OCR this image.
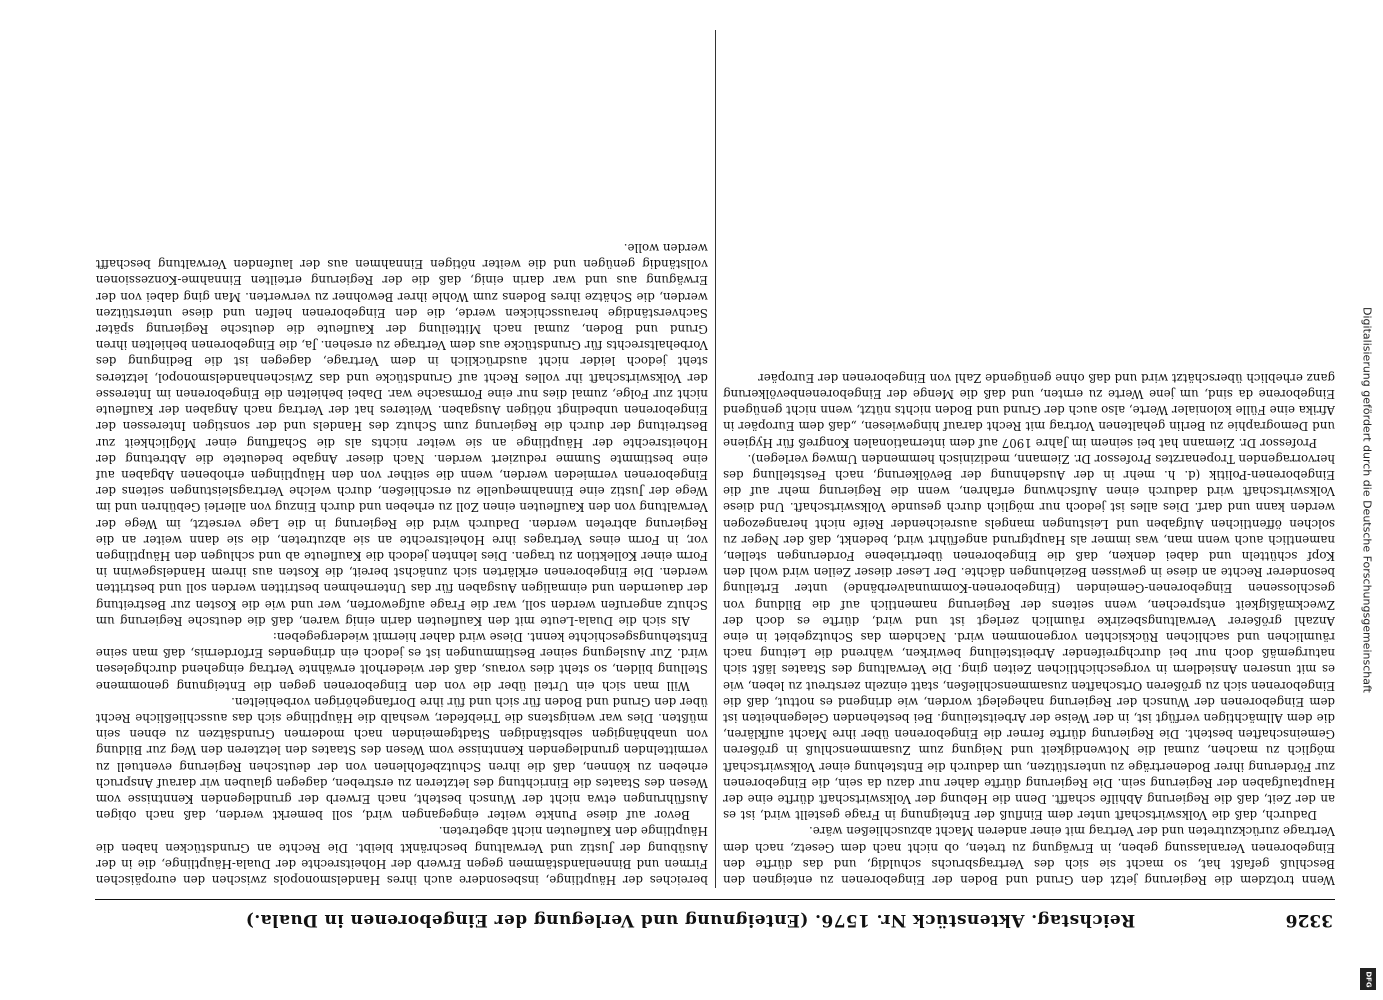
3326
Reichstag. Aktenstück Nr. 1576. (Enteignung und Verlegung der Eingeborenen in Duala.)

Wenn trotzdem die Regierung jetzt den Grund und Boden der Eingeborenen zu enteignen den Beschluß gefaßt hat, so macht sie sich des Vertragsbruchs schuldig, und das dürfte den Eingeborenen Veranlassung geben, in Erwägung zu treten, ob nicht nach dem Gesetz, nach dem Vertrage zurückzutreten und der Vertrag mit einer anderen Macht abzuschließen wäre.

Dadurch, daß die Volkswirtschaft unter dem Einfluß der Enteignung in Frage gestellt wird, ist es an der Zeit, daß die Regierung Abhilfe schafft. Denn die Hebung der Volkswirtschaft dürfte eine der Hauptaufgaben der Regierung sein. Die Regierung dürfte daher nur dazu da sein, die Eingeborenen zur Förderung ihrer Bodenerträge zu unterstützen, um dadurch die Entstehung einer Volkswirtschaft möglich zu machen, zumal die Notwendigkeit und Neigung zum Zusammenschluß in größeren Gemeinschaften besteht. Die Regierung dürfte ferner die Eingeborenen über ihre Macht aufklären, die dem Allmächtigen verfügt ist, in der Weise der Arbeitsteilung. Bei bestehenden Gelegenheiten ist dem Eingeborenen der Wunsch der Regierung nahegelegt worden, wie dringend es nottut, daß die Eingeborenen sich zu größeren Ortschaften zusammenschließen, statt einzeln zerstreut zu leben, wie es mit unseren Ansiedlern in vorgeschichtlichen Zeiten ging. Die Verwaltung des Staates läßt sich naturgemäß doch nur bei durchgreifender Arbeitsteilung bewirken, während die Leitung nach räumlichen und sachlichen Rücksichten vorgenommen wird. Nachdem das Schutzgebiet in eine Anzahl größerer Verwaltungsbezirke räumlich zerlegt ist und wird, dürfte es doch der Zweckmäßigkeit entsprechen, wenn seitens der Regierung namentlich auf die Bildung von geschlossenen Eingeborenen-Gemeinden (Eingeborenen-Kommunalverbände) unter Erteilung besonderer Rechte an diese in gewissen Beziehungen dächte. Der Leser dieser Zeilen wird wohl den Kopf schütteln und dabei denken, daß die Eingeborenen übertriebene Forderungen stellen, namentlich auch wenn man, was immer als Hauptgrund angeführt wird, bedenkt, daß der Neger zu solchen öffentlichen Aufgaben und Leistungen mangels ausreichender Reife nicht herangezogen werden kann und darf. Dies alles ist jedoch nur möglich durch gesunde Volkswirtschaft. Und diese Volkswirtschaft wird dadurch einen Aufschwung erfahren, wenn die Regierung mehr auf die Eingeborenen-Politik (d. h. mehr in der Ausdehnung der Bevölkerung, nach Feststellung des hervorragenden Tropenarztes Professor Dr. Ziemann, medizinisch hemmenden Umweg verlegen).

Professor Dr. Ziemann hat bei seinem im Jahre 1907 auf dem internationalen Kongreß für Hygiene und Demographie zu Berlin gehaltenen Vortrag mit Recht darauf hingewiesen, „daß dem Europäer in Afrika eine Fülle kolonialer Werte, also auch der Grund und Boden nichts nützt, wenn nicht genügend Eingeborene da sind, um jene Werte zu ernten, und daß die Menge der Eingeborenenbevölkerung ganz erheblich überschätzt wird und daß ohne genügende Zahl von Eingeborenen der Europäer

bereiches der Häuptlinge, insbesondere auch ihres Handelsmonopols zwischen den europäischen Firmen und Binnenlandstämmen gegen Erwerb der Hoheitsrechte der Duala-Häuptlinge, die in der Ausübung der Justiz und Verwaltung beschränkt bleibt. Die Rechte an Grundstücken haben die Häuptlinge den Kaufleuten nicht abgetreten.

Bevor auf diese Punkte weiter eingegangen wird, soll bemerkt werden, daß nach obigen Ausführungen etwa nicht der Wunsch besteht, nach Erwerb der grundlegenden Kenntnisse vom Wesen des Staates die Einrichtung des letzteren zu erstreben, dagegen glauben wir darauf Anspruch erheben zu können, daß die ihren Schutzbefohlenen von der deutschen Regierung eventuell zu vermittelnden grundlegenden Kenntnisse vom Wesen des Staates den letzteren den Weg zur Bildung von unabhängigen selbständigen Stadtgemeinden nach modernen Grundsätzen zu ebnen sein müßten. Dies war wenigstens die Triebfeder, weshalb die Häuptlinge sich das ausschließliche Recht über den Grund und Boden für sich und für ihre Dorfangehörigen vorbehielten.

Will man sich ein Urteil über die von den Eingeborenen gegen die Enteignung genommene Stellung bilden, so steht dies voraus, daß der wiederholt erwähnte Vertrag eingehend durchgelesen wird. Zur Auslegung seiner Bestimmungen ist es jedoch ein dringendes Erfordernis, daß man seine Entstehungsgeschichte kennt. Diese wird daher hiermit wiedergegeben:

Als sich die Duala-Leute mit den Kaufleuten darin einig waren, daß die deutsche Regierung um Schutz angerufen werden soll, war die Frage aufgeworfen, wer und wie die Kosten zur Bestreitung der dauernden und einmaligen Ausgaben für das Unternehmen bestritten werden soll und bestritten werden. Die Eingeborenen erklärten sich zunächst bereit, die Kosten aus ihrem Handelsgewinn in Form einer Kollektion zu tragen. Dies lehnten jedoch die Kaufleute ab und schlugen den Häuptlingen vor, in Form eines Vertrages ihre Hoheitsrechte an sie abzutreten, die sie dann weiter an die Regierung abtreten werden. Dadurch wird die Regierung in die Lage versetzt, im Wege der Verwaltung von den Kaufleuten einen Zoll zu erheben und durch Einzug von allerlei Gebühren und im Wege der Justiz eine Einnahmequelle zu erschließen, durch welche Vertragsleistungen seitens der Eingeborenen vermieden werden, wenn die seither von den Häuptlingen erhobenen Abgaben auf eine bestimmte Summe reduziert werden. Nach dieser Angabe bedeutete die Abtretung der Hoheitsrechte der Häuptlinge an sie weiter nichts als die Schaffung einer Möglichkeit zur Bestreitung der durch die Regierung zum Schutz des Handels und der sonstigen Interessen der Eingeborenen unbedingt nötigen Ausgaben. Weiteres hat der Vertrag nach Angaben der Kaufleute nicht zur Folge, zumal dies nur eine Formsache war. Dabei behielten die Eingeborenen im Interesse der Volkswirtschaft ihr volles Recht auf Grundstücke und das Zwischenhandelsmonopol, letzteres steht jedoch leider nicht ausdrücklich in dem Vertrage, dagegen ist die Bedingung des Vorbehaltsrechts für Grundstücke aus dem Vertrage zu ersehen. Ja, die Eingeborenen behielten ihren Grund und Boden, zumal nach Mitteilung der Kaufleute die deutsche Regierung später Sachverständige herausschicken werde, die den Eingeborenen helfen und diese unterstützen werden, die Schätze ihres Bodens zum Wohle ihrer Bewohner zu verwerten. Man ging dabei von der Erwägung aus und war darin einig, daß die der Regierung erteilten Einnahme-Konzessionen vollständig genügen und die weiter nötigen Einnahmen aus der laufenden Verwaltung beschafft werden wolle.

Digitalisierung gefördert durch die Deutsche Forschungsgemeinschaft
DFG
